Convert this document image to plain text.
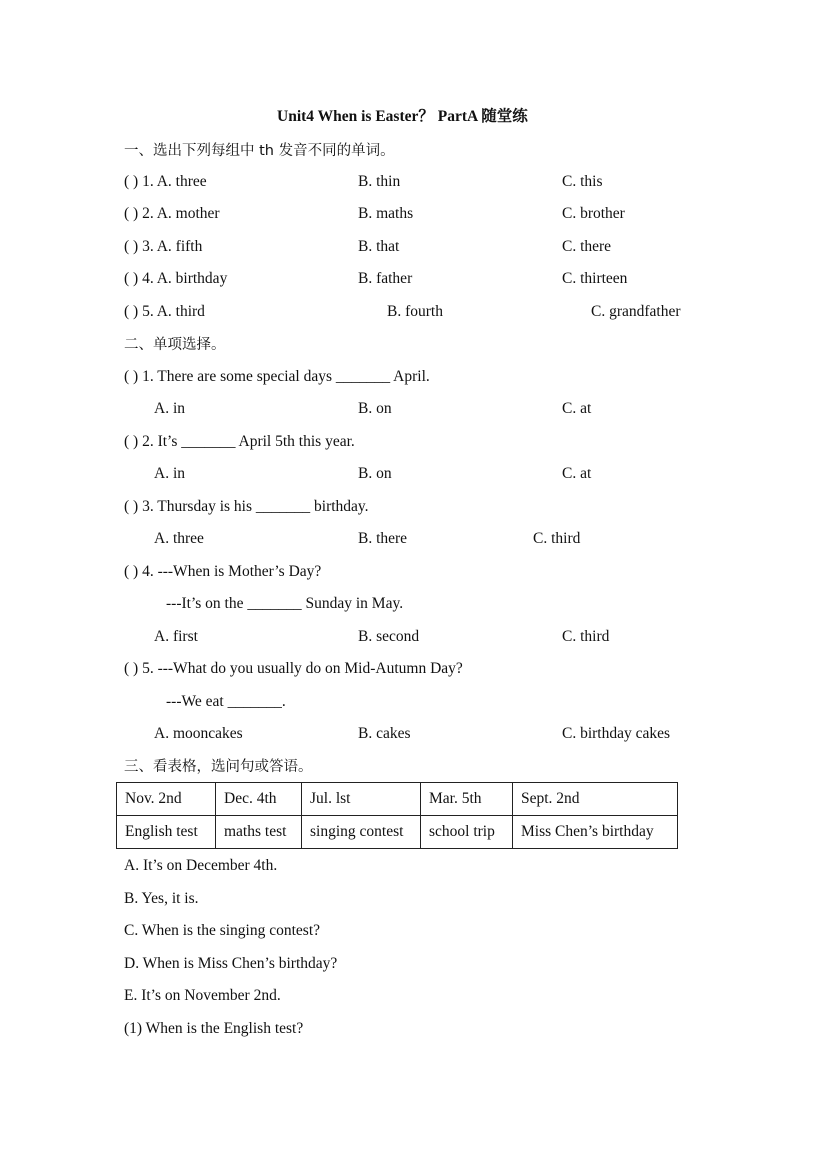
Unit4 When is Easter？ PartA 随堂练
一、选出下列每组中 th 发音不同的单词。
( ) 1. A. three	B. thin	C. this
( ) 2. A. mother	B. maths	C. brother
( ) 3. A. fifth	B. that	C. there
( ) 4. A. birthday	B. father	C. thirteen
( ) 5. A. third	B. fourth	C. grandfather
二、单项选择。
( ) 1. There are some special days _______ April.
A. in	B. on	C. at
( ) 2. It’s _______ April 5th this year.
A. in	B. on	C. at
( ) 3. Thursday is his _______ birthday.
A. three	B. there	C. third
( ) 4. ---When is Mother’s Day?
---It’s on the _______ Sunday in May.
A. first	B. second	C. third
( ) 5. ---What do you usually do on Mid-Autumn Day?
---We eat _______.
A. mooncakes	B. cakes	C. birthday cakes
三、看表格，选问句或答语。
Nov. 2nd	Dec. 4th	Jul. lst	Mar. 5th	Sept. 2nd
English test	maths test	singing contest	school trip	Miss Chen’s birthday
A. It’s on December 4th.
B. Yes, it is.
C. When is the singing contest?
D. When is Miss Chen’s birthday?
E. It’s on November 2nd.
(1) When is the English test?
